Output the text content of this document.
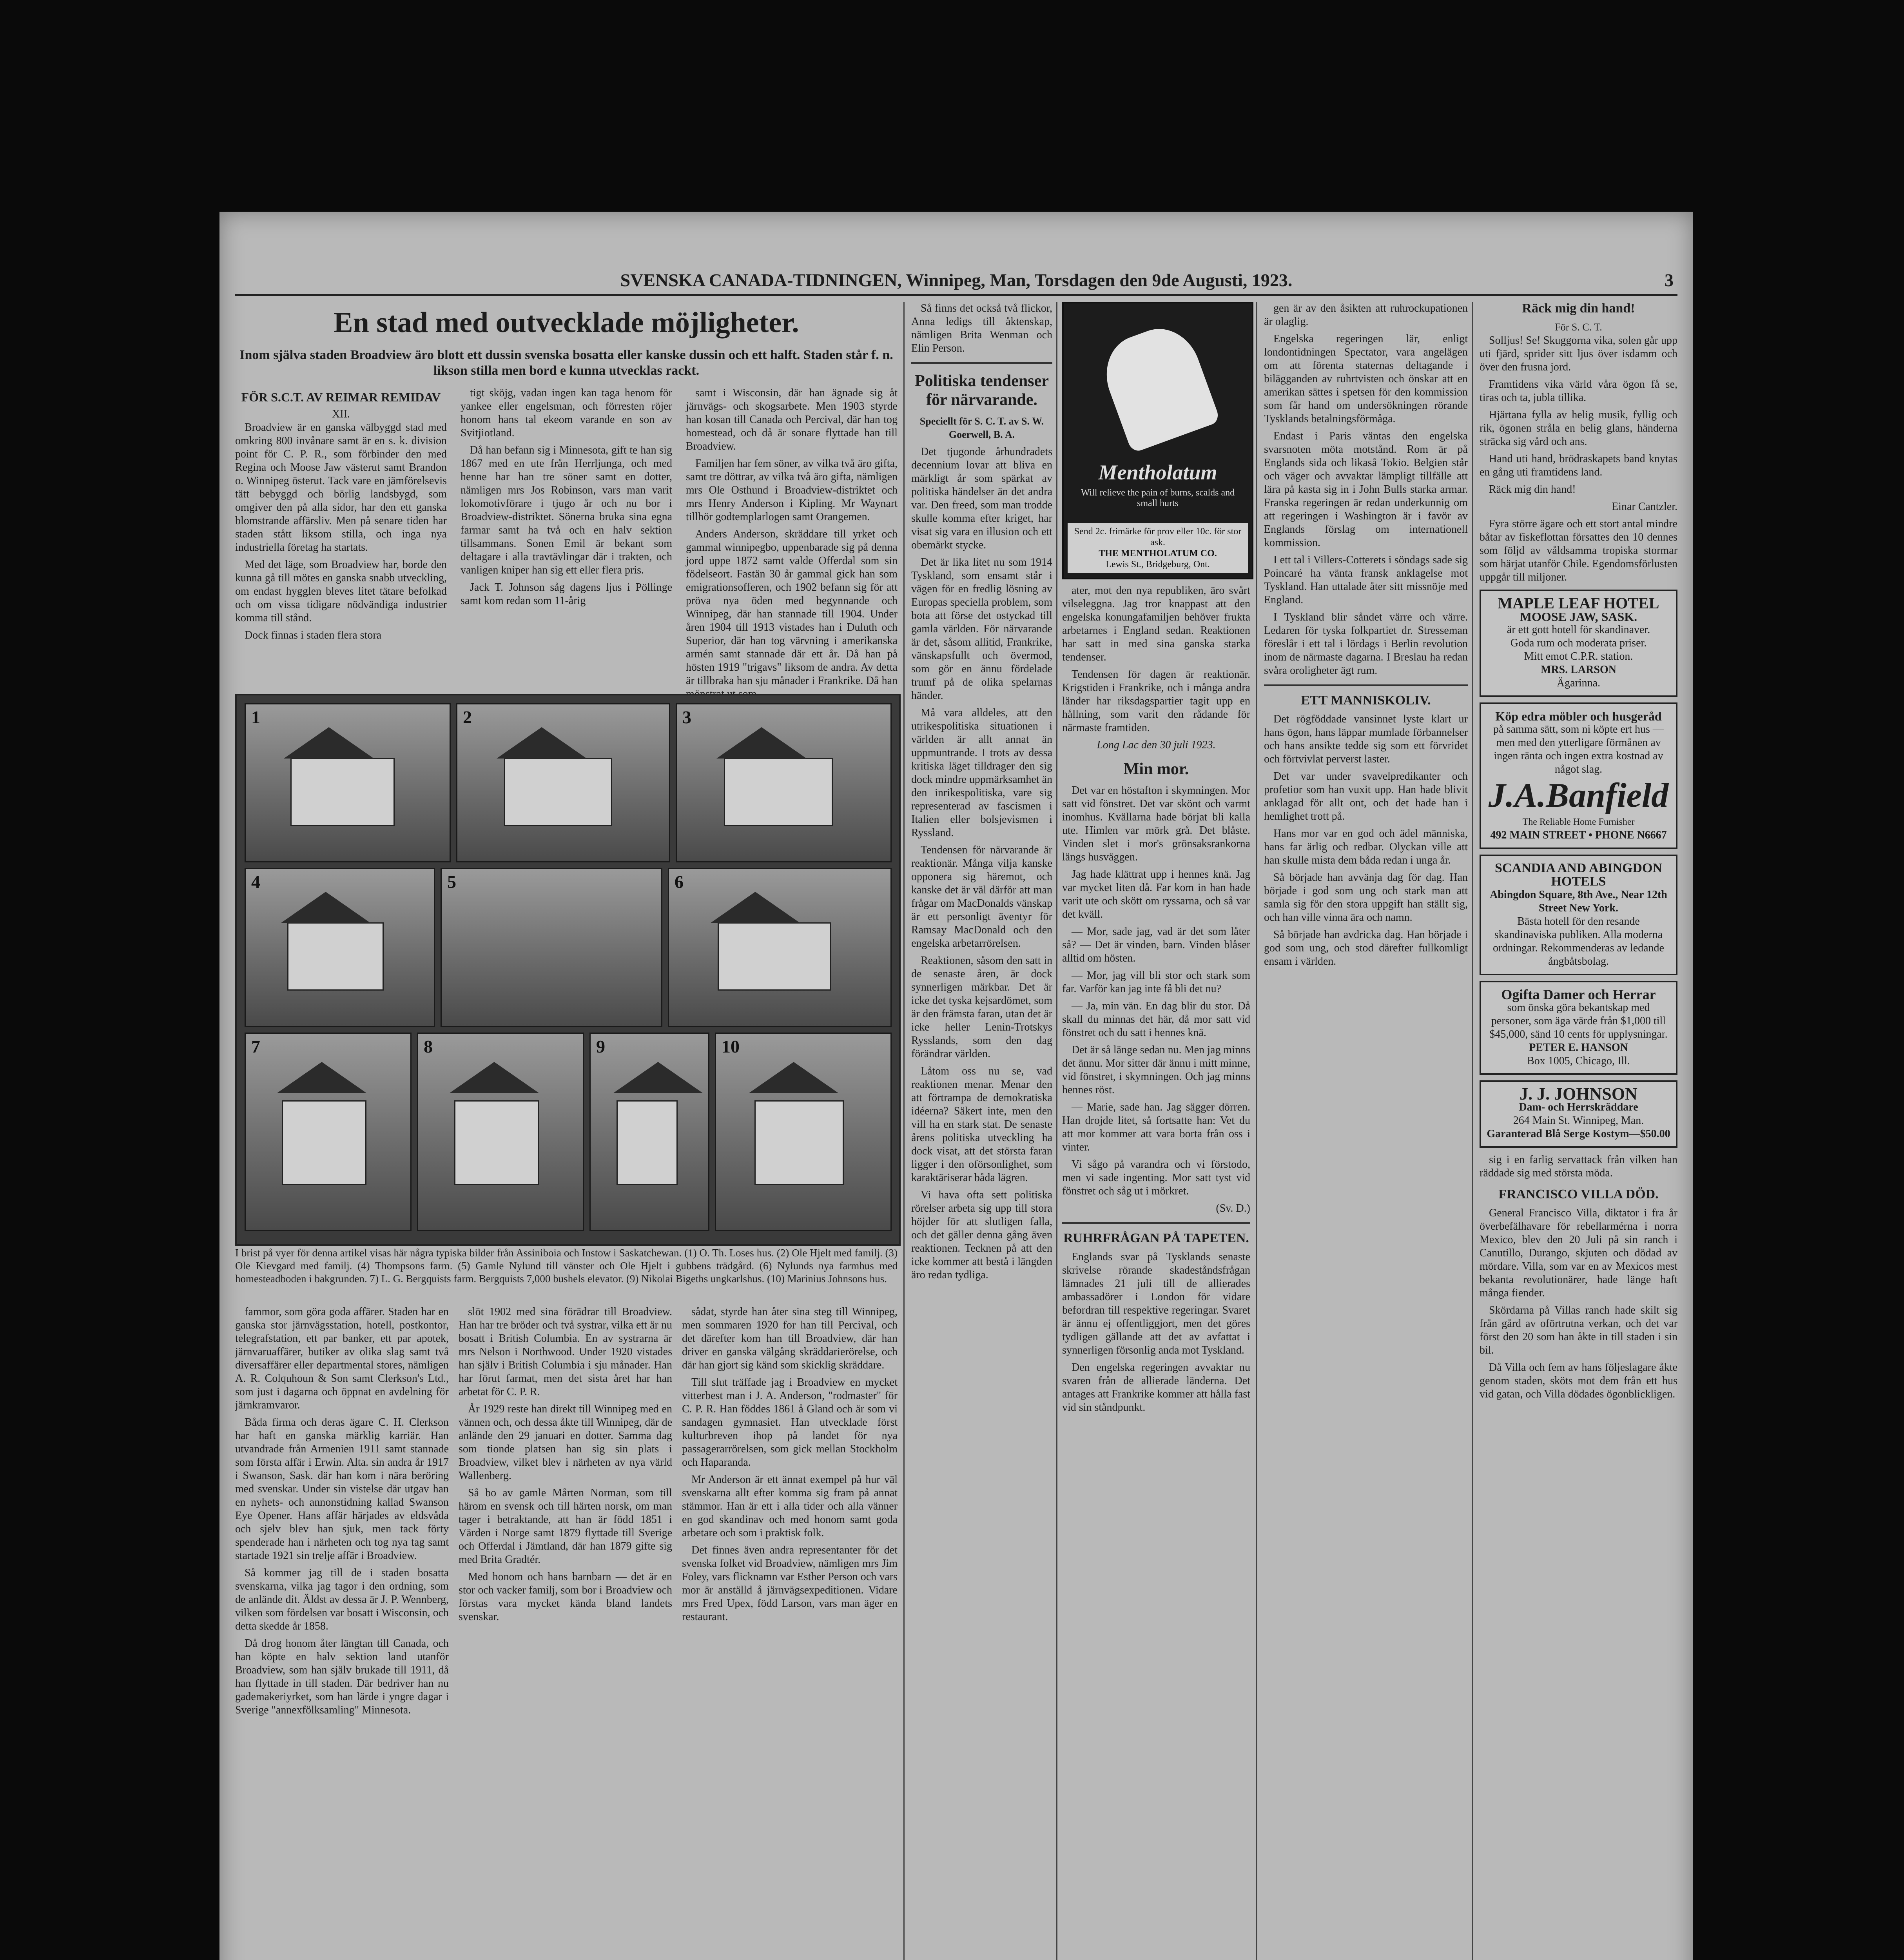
SVENSKA CANADA-TIDNINGEN, Winnipeg, Man, Torsdagen den 9de Augusti, 1923.	3
En stad med outvecklade möjligheter.
Inom själva staden Broadview äro blott ett dussin svenska bosatta eller kanske dussin och ett halft. Staden står f. n. likson stilla men bord e kunna utvecklas rackt.
FÖR S.C.T. AV REIMAR REMIDAV
XII.

Broadview är en ganska välbyggd stad med omkring 800 invånare samt är en s. k. division point för C. P. R., som förbinder den med Regina och Moose Jaw västerut samt Brandon o. Winnipeg österut. Tack vare en jämförelsevis tätt bebyggd och börlig landsbygd, som omgiver den på alla sidor, har den ett ganska blomstrande affärsliv. Men på senare tiden har staden stått liksom stilla, och inga nya industriella företag ha startats.

Med det läge, som Broadview har, borde den kunna gå till mötes en ganska snabb utveckling, om endast hygglen bleves litet tätare befolkad och om vissa tidigare nödvändiga industrier komma till stånd.

Dock finnas i staden flera stora

tigt sköjg, vadan ingen kan taga henom för yankee eller engelsman, och förresten röjer honom hans tal ekeom varande en son av Svitjiotland.

Då han befann sig i Minnesota, gift te han sig 1867 med en ute från Herrljunga, och med henne har han tre söner samt en dotter, nämligen mrs Jos Robinson, vars man varit lokomotivförare i tjugo år och nu bor i Broadview-distriktet. Sönerna bruka sina egna farmar samt ha två och en halv sektion tillsammans. Sonen Emil är bekant som deltagare i alla travtävlingar där i trakten, och vanligen kniper han sig ett eller flera pris.

Jack T. Johnson såg dagens ljus i Pöllinge samt kom redan som 11-årig

samt i Wisconsin, där han ägnade sig åt järnvägs- och skogsarbete. Men 1903 styrde han kosan till Canada och Percival, där han tog homestead, och då är sonare flyttade han till Broadview.

Familjen har fem söner, av vilka två äro gifta, samt tre döttrar, av vilka två äro gifta, nämligen mrs Ole Osthund i Broadview-distriktet och mrs Henry Anderson i Kipling. Mr Waynart tillhör godtemplarlogen samt Orangemen.

Anders Anderson, skräddare till yrket och gammal winnipegbo, uppenbarade sig på denna jord uppe 1872 samt valde Offerdal som sin födelseort. Fastän 30 år gammal gick han som emigrationsofferen, och 1902 befann sig för att pröva nya öden med begynnande och Winnipeg, där han stannade till 1904. Under åren 1904 till 1913 vistades han i Duluth och Superior, där han tog värvning i amerikanska armén samt stannade där ett år. Då han på hösten 1919 "trigavs" liksom de andra. Av detta är tillbraka han sju månader i Frankrike. Då han

1	2	3
4	5	6
7	8	9	10
I brist på vyer för denna artikel visas här några typiska bilder från Assiniboia och Instow i Saskatchewan. (1) O. Th. Loses hus. (2) Ole Hjelt med familj. (3) Ole Kievgard med familj. (4) Thompsons farm. (5) Gamle Nylund till vänster och Ole Hjelt i gubbens trädgård. (6) Nylunds nya farmhus med homesteadboden i bakgrunden. 7) L. G. Bergquists farm. Bergquists 7,000 bushels elevator. (9) Nikolai Bigeths ungkarlshus. (10) Marinius Johnsons hus.

fammor, som göra goda affärer. Staden har en ganska stor järnvägsstation, hotell, postkontor, telegrafstation, ett par banker, ett par apotek, järnvaruaffärer, butiker av olika slag samt två diversaffärer eller departmental stores, nämligen A. R. Colquhoun & Son samt Clerkson's Ltd., som just i dagarna och öppnat en avdelning för järnkramvaror.

Båda firma och deras ägare C. H. Clerkson har haft en ganska märklig karriär. Han utvandrade från Armenien 1911 samt stannade som första affär i Erwin. Alta. sin andra år 1917 i Swanson, Sask. där han kom i nära beröring med svenskar. Under sin vistelse där utgav han en nyhets- och annonstidning kallad Swanson Eye Opener. Hans affär härjades av eldsvåda och sjelv blev han sjuk, men tack förty spenderade han i närheten och tog nya tag samt startade 1921 sin trelje affär i Broadview.

Så kommer jag till de i staden bosatta svenskarna, vilka jag tagor i den ordning, som de anlände dit. Äldst av dessa är J. P. Wennberg, vilken som fördelsen var bosatt i Wisconsin, och detta skedde år 1858.

Då drog honom åter längtan till Canada, och han köpte en halv sektion land utanför Broadview, som han själv brukade till 1911, då han flyttade in till staden. Där bedriver han nu gademakeriyrket, som han lärde i yngre dagar i Sverige "annexfölksamling" Minnesota.

slöt 1902 med sina förädrar till Broadview. Han har tre bröder och två systrar, vilka ett är nu bosatt i British Columbia. En av systrarna är mrs Nelson i Northwood. Under 1920 vistades han själv i British Columbia i sju månader. Han har förut farmat, men det sista året har han arbetat för C. P. R.

År 1929 reste han direkt till Winnipeg med en vännen och, och dessa åkte till Winnipeg, där de anlände den 29 januari en dotter. Samma dag som tionde platsen han sig sin plats i Broadview, vilket blev i närheten av nya värld Wallenberg.

Så bo av gamle Mårten Norman, som till härom en svensk och till härten norsk, om man tager i betraktande, att han är född 1851 i Värden i Norge samt 1879 flyttade till Sverige och Offerdal i Jämtland, där han 1879 gifte sig med Brita Gradtér.

Med honom och hans barnbarn — det är en stor och vacker familj, som bor i Broadview och förstas vara mycket kända bland landets svenskar.

sådat, styrde han åter sina steg till Winnipeg, men sommaren 1920 for han till Percival, och det därefter kom han till Broadview, där han driver en ganska välgång skräddarierörelse, och där han gjort sig känd som skicklig skräddare.

Till slut träffade jag i Broadview en mycket vitterbest man i J. A. Anderson, "rodmaster" för C. P. R. Han föddes 1861 å Gland och är som vi sandagen gymnasiet. Han utvecklade först kulturbreven ihop på landet för nya passagerarrörelsen, som gick mellan Stockholm och Haparanda.

Mr Anderson är ett ännat exempel på hur väl svenskarna allt efter komma sig fram på annat stämmor. Han är ett i alla tider och alla vänner en god skandinav och med honom samt goda arbetare och som i praktisk folk.

Det finnes även andra representanter för det svenska folket vid Broadview, nämligen mrs Jim Foley, vars flicknamn var Esther Person och vars mor är anställd å järnvägsexpeditionen. Vidare mrs Fred Upex, född Larson, vars man äger en restaurant.

Så finns det också två flickor, Anna ledigs till åktenskap, nämligen Brita Wenman och Elin Person.

Politiska tendenser för närvarande.
Speciellt för S. C. T. av S. W. Goerwell, B. A.

Det tjugonde århundradets decennium lovar att bliva en märkligt år som spärkat av politiska händelser än det andra var. Den freed, som man trodde skulle komma efter kriget, har visat sig vara en illusion och ett obemärkt stycke.

Det är lika litet nu som 1914 Tyskland, som ensamt står i vägen för en fredlig lösning av Europas speciella problem, som bota att förse det ostyckad till gamla världen. För närvarande är det, såsom allitid, Frankrike, vänskapsfullt och övermod, som gör en ännu fördelade trumf på de olika spelarnas händer.

Må vara alldeles, att den utrikespolitiska situationen i världen är allt annat än uppmuntrande. I trots av dessa kritiska läget tilldrager den sig dock mindre uppmärksamhet än den inrikespolitiska, vare sig representerad av fascismen i Italien eller bolsjevismen i Ryssland.

Tendensen för närvarande är reaktionär. Många vilja kanske opponera sig häremot, och kanske det är väl därför att man frågar om MacDonalds vänskap är ett personligt äventyr för Ramsay MacDonald och den engelska arbetarrörelsen.

Reaktionen, såsom den satt in de senaste åren, är dock synnerligen märkbar. Det är icke det tyska kejsardömet, som är den främsta faran, utan det är icke heller Lenin-Trotskys Rysslands, som den dag förändrar världen.

Låtom oss nu se, vad reaktionen menar. Menar den att förtrampa de demokratiska idéerna? Säkert inte, men den vill ha en stark stat. De senaste årens politiska utveckling ha dock visat, att det största faran ligger i den oförsonlighet, som karaktäriserar båda lägren.

Vi hava ofta sett politiska rörelser arbeta sig upp till stora höjder för att slutligen falla, och det gäller denna gång även reaktionen. Tecknen på att den icke kommer att bestå i längden äro redan tydliga.

Mentholatum
Will relieve the pain of burns, scalds and small hurts
Send 2c. frimärke för prov eller 10c. för stor ask.
THE MENTHOLATUM CO.
Lewis St., Bridgeburg, Ont.

ater, mot den nya republiken, äro svårt vilseleggna. Jag tror knappast att den engelska konungafamiljen behöver frukta arbetarnes i England sedan. Reaktionen har satt in med sina ganska starka tendenser.

Tendensen för dagen är reaktionär. Krigstiden i Frankrike, och i många andra länder har riksdagspartier tagit upp en hållning, som varit den rådande för närmaste framtiden.

Long Lac den 30 juli 1923.

Min mor.

Det var en höstafton i skymningen. Mor satt vid fönstret. Det var skönt och varmt inomhus. Kvällarna hade börjat bli kalla ute. Himlen var mörk grå. Det blåste. Vinden slet i mor's grönsaksrankorna längs husväggen.

Jag hade klättrat upp i hennes knä. Jag var mycket liten då. Far kom in han hade varit ute och skött om ryssarna, och så var det kväll.

— Mor, sade jag, vad är det som låter så? — Det är vinden, barn. Vinden blåser alltid om hösten.

— Mor, jag vill bli stor och stark som far. Varför kan jag inte få bli det nu?

— Ja, min vän. En dag blir du stor. Då skall du minnas det här, då mor satt vid fönstret och du satt i hennes knä.

Det är så länge sedan nu. Men jag minns det ännu. Mor sitter där ännu i mitt minne, vid fönstret, i skymningen. Och jag minns hennes röst.

— Marie, sade han. Jag sägger dörren. Han drojde litet, så fortsatte han: Vet du att mor kommer att vara borta från oss i vinter.

Vi sågo på varandra och vi förstodo, men vi sade ingenting. Mor satt tyst vid fönstret och såg ut i mörkret.

(Sv. D.)

RUHRFRÅGAN PÅ TAPETEN.

Englands svar på Tysklands senaste skrivelse rörande skadeståndsfrågan lämnades 21 juli till de allierades ambassadörer i London för vidare befordran till respektive regeringar. Svaret är ännu ej offentliggjort, men det göres tydligen gällande att det av avfattat i synnerligen försonlig anda mot Tyskland.

Den engelska regeringen avvaktar nu svaren från de allierade länderna. Det antages att Frankrike kommer att hålla fast vid sin ståndpunkt.

gen är av den åsikten att ruhrockupationen är olaglig.

Engelska regeringen lär, enligt londontidningen Spectator, vara angelägen om att förenta staternas deltagande i bilägganden av ruhrtvisten och önskar att en amerikan sättes i spetsen för den kommission som får hand om undersökningen rörande Tysklands betalningsförmåga.

Endast i Paris väntas den engelska svarsnoten möta motstånd. Rom är på Englands sida och likaså Tokio. Belgien står och väger och avvaktar lämpligt tillfälle att lära på kasta sig in i John Bulls starka armar. Franska regeringen är redan underkunnig om att regeringen i Washington är i favör av Englands förslag om internationell kommission.

I ett tal i Villers-Cotterets i söndags sade sig Poincaré ha vänta fransk anklagelse mot Tyskland. Han uttalade åter sitt missnöje med England.

I Tyskland blir såndet värre och värre. Ledaren för tyska folkpartiet dr. Stresseman föreslår i ett tal i lördags i Berlin revolution inom de närmaste dagarna. I Breslau ha redan svåra oroligheter ägt rum.

ETT MANNISKOLIV.

Det rögföddade vansinnet lyste klart ur hans ögon, hans läppar mumlade förbannelser och hans ansikte tedde sig som ett förvridet och förtvivlat perverst laster.

Det var under svavelpredikanter och profetior som han vuxit upp. Han hade blivit anklagad för allt ont, och det hade han i hemlighet trott på.

Hans mor var en god och ädel människa, hans far ärlig och redbar. Olyckan ville att han skulle mista dem båda redan i unga år.

Så började han avvänja dag för dag. Han började i god som ung och stark man att samla sig för den stora uppgift han ställt sig, och han ville vinna ära och namn.

Så började han avdricka dag. Han började i god som ung, och stod därefter fullkomligt ensam i världen.

Räck mig din hand!
För S. C. T.

Solljus! Se! Skuggorna vika, solen går upp uti fjärd, sprider sitt ljus över isdamm och över den frusna jord.

Framtidens vika värld våra ögon få se, tiras och ta, jubla tillika.

Hjärtana fylla av helig musik, fyllig och rik, ögonen stråla en belig glans, händerna sträcka sig vård och ans.

Hand uti hand, brödraskapets band knytas en gång uti framtidens land.

Räck mig din hand!

Einar Cantzler.

Fyra större ägare och ett stort antal mindre båtar av fiskeflottan försattes den 10 dennes som följd av våldsamma tropiska stormar som härjat utanför Chile. Egendomsförlusten uppgår till miljoner.

MAPLE LEAF HOTEL
MOOSE JAW, SASK.
är ett gott hotell för skandinaver.
Goda rum och moderata priser.
Mitt emot C.P.R. station.
MRS. LARSON
Ägarinna.
Köp edra möbler och husgeråd
på samma sätt, som ni köpte ert hus — men med den ytterligare förmånen av ingen ränta och ingen extra kostnad av något slag.
J.A.Banfield
The Reliable Home Furnisher
492 MAIN STREET • PHONE N6667
SCANDIA AND ABINGDON HOTELS
Abingdon Square, 8th Ave., Near 12th Street New York.
Bästa hotell för den resande skandinaviska publiken. Alla moderna ordningar. Rekommenderas av ledande ångbåtsbolag.
Ogifta Damer och Herrar
som önska göra bekantskap med personer, som äga värde från $1,000 till $45,000, sänd 10 cents för upplysningar.
PETER E. HANSON
Box 1005, Chicago, Ill.
J. J. JOHNSON
Dam- och Herrskräddare
264 Main St. Winnipeg, Man.
Garanterad Blå Serge Kostym—$50.00

sig i en farlig servattack från vilken han räddade sig med största möda.

FRANCISCO VILLA DÖD.

General Francisco Villa, diktator i fra år överbefälhavare för rebellarmérna i norra Mexico, blev den 20 Juli på sin ranch i Canutillo, Durango, skjuten och dödad av mördare. Villa, som var en av Mexicos mest bekanta revolutionärer, hade länge haft många fiender.

Skördarna på Villas ranch hade skilt sig från gård av oförtrutna verkan, och det var först den 20 som han åkte in till staden i sin bil.

Då Villa och fem av hans följeslagare åkte genom staden, sköts mot dem från ett hus vid gatan, och Villa dödades ögonblickligen.
